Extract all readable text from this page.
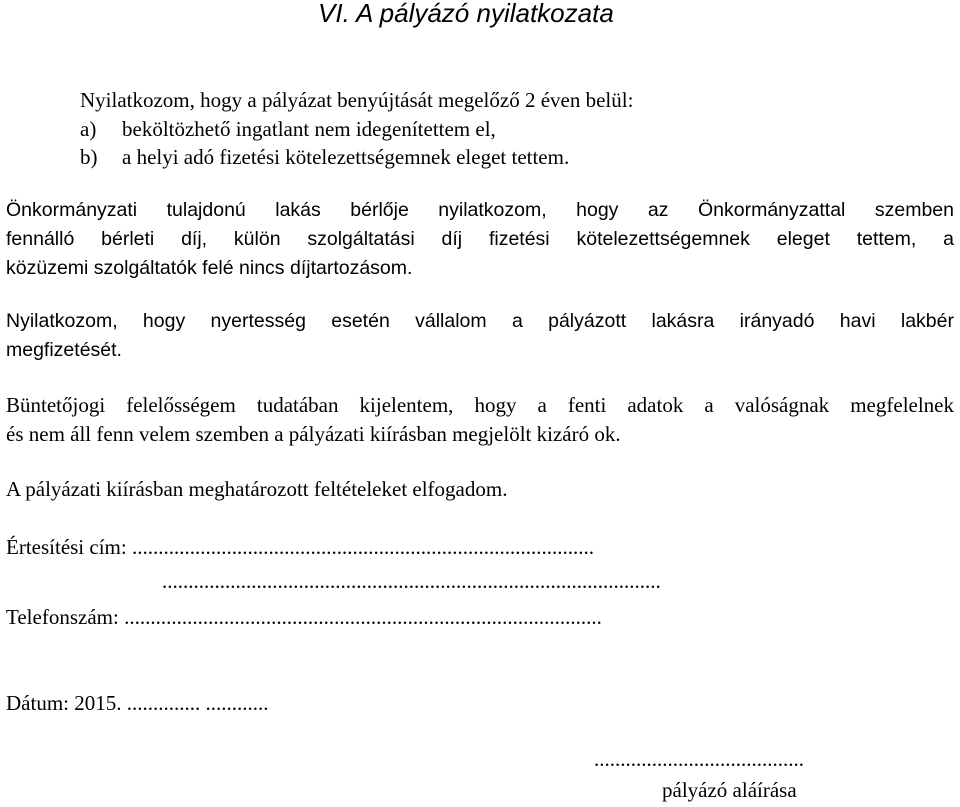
VI. A pályázó nyilatkozata
Nyilatkozom, hogy a pályázat benyújtását megelőző 2 éven belül:
a) beköltözhető ingatlant nem idegenítettem el,
b) a helyi adó fizetési kötelezettségemnek eleget tettem.
Önkormányzati tulajdonú lakás bérlője nyilatkozom, hogy az Önkormányzattal szemben
fennálló bérleti díj, külön szolgáltatási díj fizetési kötelezettségemnek eleget tettem, a
közüzemi szolgáltatók felé nincs díjtartozásom.
Nyilatkozom, hogy nyertesség esetén vállalom a pályázott lakásra irányadó havi lakbér
megfizetését.
Büntetőjogi felelősségem tudatában kijelentem, hogy a fenti adatok a valóságnak megfelelnek
és nem áll fenn velem szemben a pályázati kiírásban megjelölt kizáró ok.
A pályázati kiírásban meghatározott feltételeket elfogadom.
Értesítési cím: ........................................................................................
...............................................................................................
Telefonszám: ...........................................................................................
Dátum: 2015. .............. ............
........................................
pályázó aláírása
